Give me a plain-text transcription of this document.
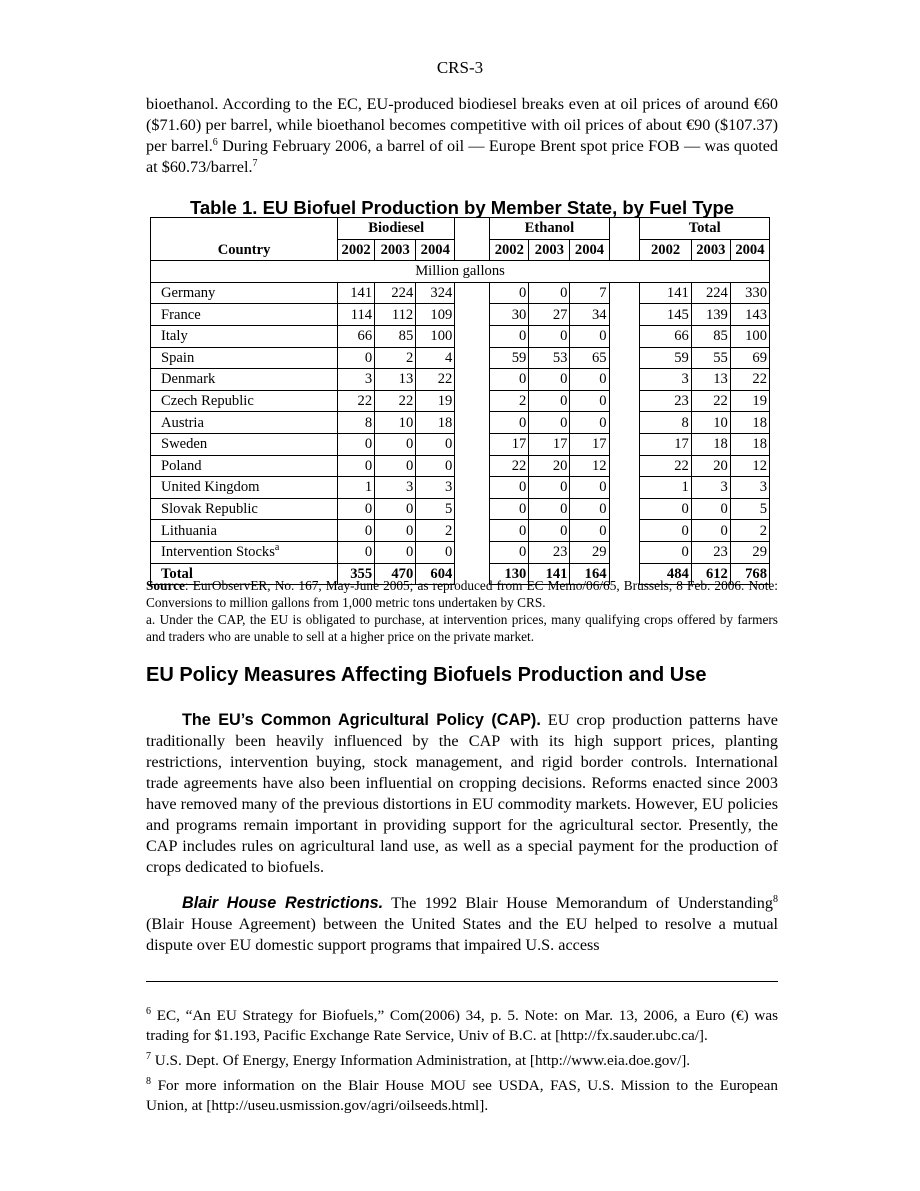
CRS-3

bioethanol. According to the EC, EU-produced biodiesel breaks even at oil prices of around €60 ($71.60) per barrel, while bioethanol becomes competitive with oil prices of about €90 ($107.37) per barrel.$^6$ During February 2006, a barrel of oil — Europe Brent spot price FOB — was quoted at $60.73/barrel.$^7$

Table 1. EU Biofuel Production by Member State, by Fuel Type
	Biodiesel				Ethanol				Total		
Country	2002	2003	2004		2002	2003	2004		2002	2003	2004
Million gallons											
Germany	141	224	324		0	0	7		141	224	330
France	114	112	109		30	27	34		145	139	143
Italy	66	85	100		0	0	0		66	85	100
Spain	0	2	4		59	53	65		59	55	69
Denmark	3	13	22		0	0	0		3	13	22
Czech Republic	22	22	19		2	0	0		23	22	19
Austria	8	10	18		0	0	0		8	10	18
Sweden	0	0	0		17	17	17		17	18	18
Poland	0	0	0		22	20	12		22	20	12
United Kingdom	1	3	3		0	0	0		1	3	3
Slovak Republic	0	0	5		0	0	0		0	0	5
Lithuania	0	0	2		0	0	0		0	0	2
Intervention Stocks$^a$	0	0	0		0	23	29		0	23	29
Total	355	470	604		130	141	164		484	612	768
Source: EurObservER, No. 167, May-June 2005; as reproduced from EC Memo/06/65, Brussels, 8 Feb. 2006. Note: Conversions to million gallons from 1,000 metric tons undertaken by CRS.
a. Under the CAP, the EU is obligated to purchase, at intervention prices, many qualifying crops offered by farmers and traders who are unable to sell at a higher price on the private market.
EU Policy Measures Affecting Biofuels Production and Use

The EU’s Common Agricultural Policy (CAP). EU crop production patterns have traditionally been heavily influenced by the CAP with its high support prices, planting restrictions, intervention buying, stock management, and rigid border controls. International trade agreements have also been influential on cropping decisions. Reforms enacted since 2003 have removed many of the previous distortions in EU commodity markets. However, EU policies and programs remain important in providing support for the agricultural sector. Presently, the CAP includes rules on agricultural land use, as well as a special payment for the production of crops dedicated to biofuels.

Blair House Restrictions. The 1992 Blair House Memorandum of Understanding$^8$ (Blair House Agreement) between the United States and the EU helped to resolve a mutual dispute over EU domestic support programs that impaired U.S. access

$^6$ EC, “An EU Strategy for Biofuels,” Com(2006) 34, p. 5. Note: on Mar. 13, 2006, a Euro (€) was trading for $1.193, Pacific Exchange Rate Service, Univ of B.C. at [http://fx.sauder.ubc.ca/].

$^7$ U.S. Dept. Of Energy, Energy Information Administration, at [http://www.eia.doe.gov/].

$^8$ For more information on the Blair House MOU see USDA, FAS, U.S. Mission to the European Union, at [http://useu.usmission.gov/agri/oilseeds.html].
